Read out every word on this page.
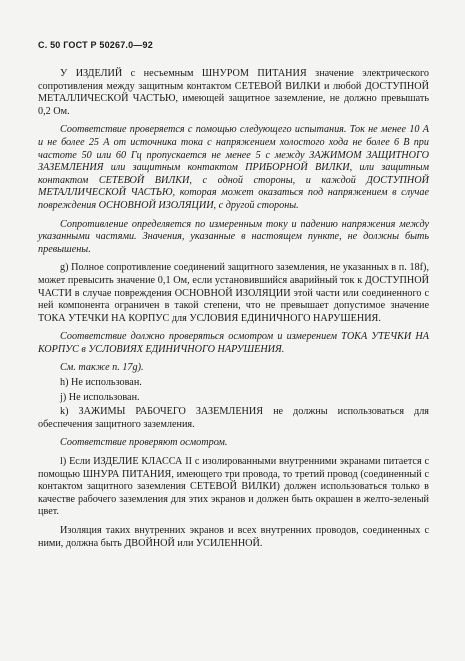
С. 50 ГОСТ Р 50267.0—92

У ИЗДЕЛИЙ с несъемным ШНУРОМ ПИТАНИЯ значение электрического сопротивления между защитным контактом СЕТЕВОЙ ВИЛКИ и любой ДОСТУПНОЙ МЕТАЛЛИЧЕСКОЙ ЧАСТЬЮ, имеющей защитное заземление, не должно превышать 0,2 Ом.

Соответствие проверяется с помощью следующего испытания. Ток не менее 10 А и не более 25 А от источника тока с напряжением холостого хода не более 6 В при частоте 50 или 60 Гц пропускается не менее 5 с между ЗАЖИМОМ ЗАЩИТНОГО ЗАЗЕМЛЕНИЯ или защитным контактом ПРИБОРНОЙ ВИЛКИ, или защитным контактом СЕТЕВОЙ ВИЛКИ, с одной стороны, и каждой ДОСТУПНОЙ МЕТАЛЛИЧЕСКОЙ ЧАСТЬЮ, которая может оказаться под напряжением в случае повреждения ОСНОВНОЙ ИЗОЛЯЦИИ, с другой стороны.

Сопротивление определяется по измеренным току и падению напряжения между указанными частями. Значения, указанные в настоящем пункте, не должны быть превышены.

g) Полное сопротивление соединений защитного заземления, не указанных в п. 18f), может превысить значение 0,1 Ом, если установившийся аварийный ток к ДОСТУПНОЙ ЧАСТИ в случае повреждения ОСНОВНОЙ ИЗОЛЯЦИИ этой части или соединенного с ней компонента ограничен в такой степени, что не превышает допустимое значение ТОКА УТЕЧКИ НА КОРПУС для УСЛОВИЯ ЕДИНИЧНОГО НАРУШЕНИЯ.

Соответствие должно проверяться осмотром и измерением ТОКА УТЕЧКИ НА КОРПУС в УСЛОВИЯХ ЕДИНИЧНОГО НАРУШЕНИЯ.

См. также п. 17g).

h) Не использован.

j) Не использован.

k) ЗАЖИМЫ РАБОЧЕГО ЗАЗЕМЛЕНИЯ не должны использоваться для обеспечения защитного заземления.

Соответствие проверяют осмотром.

l) Если ИЗДЕЛИЕ КЛАССА II с изолированными внутренними экранами питается с помощью ШНУРА ПИТАНИЯ, имеющего три провода, то третий провод (соединенный с контактом защитного заземления СЕТЕВОЙ ВИЛКИ) должен использоваться только в качестве рабочего заземления для этих экранов и должен быть окрашен в желто-зеленый цвет.

Изоляция таких внутренних экранов и всех внутренних проводов, соединенных с ними, должна быть ДВОЙНОЙ или УСИЛЕННОЙ.
